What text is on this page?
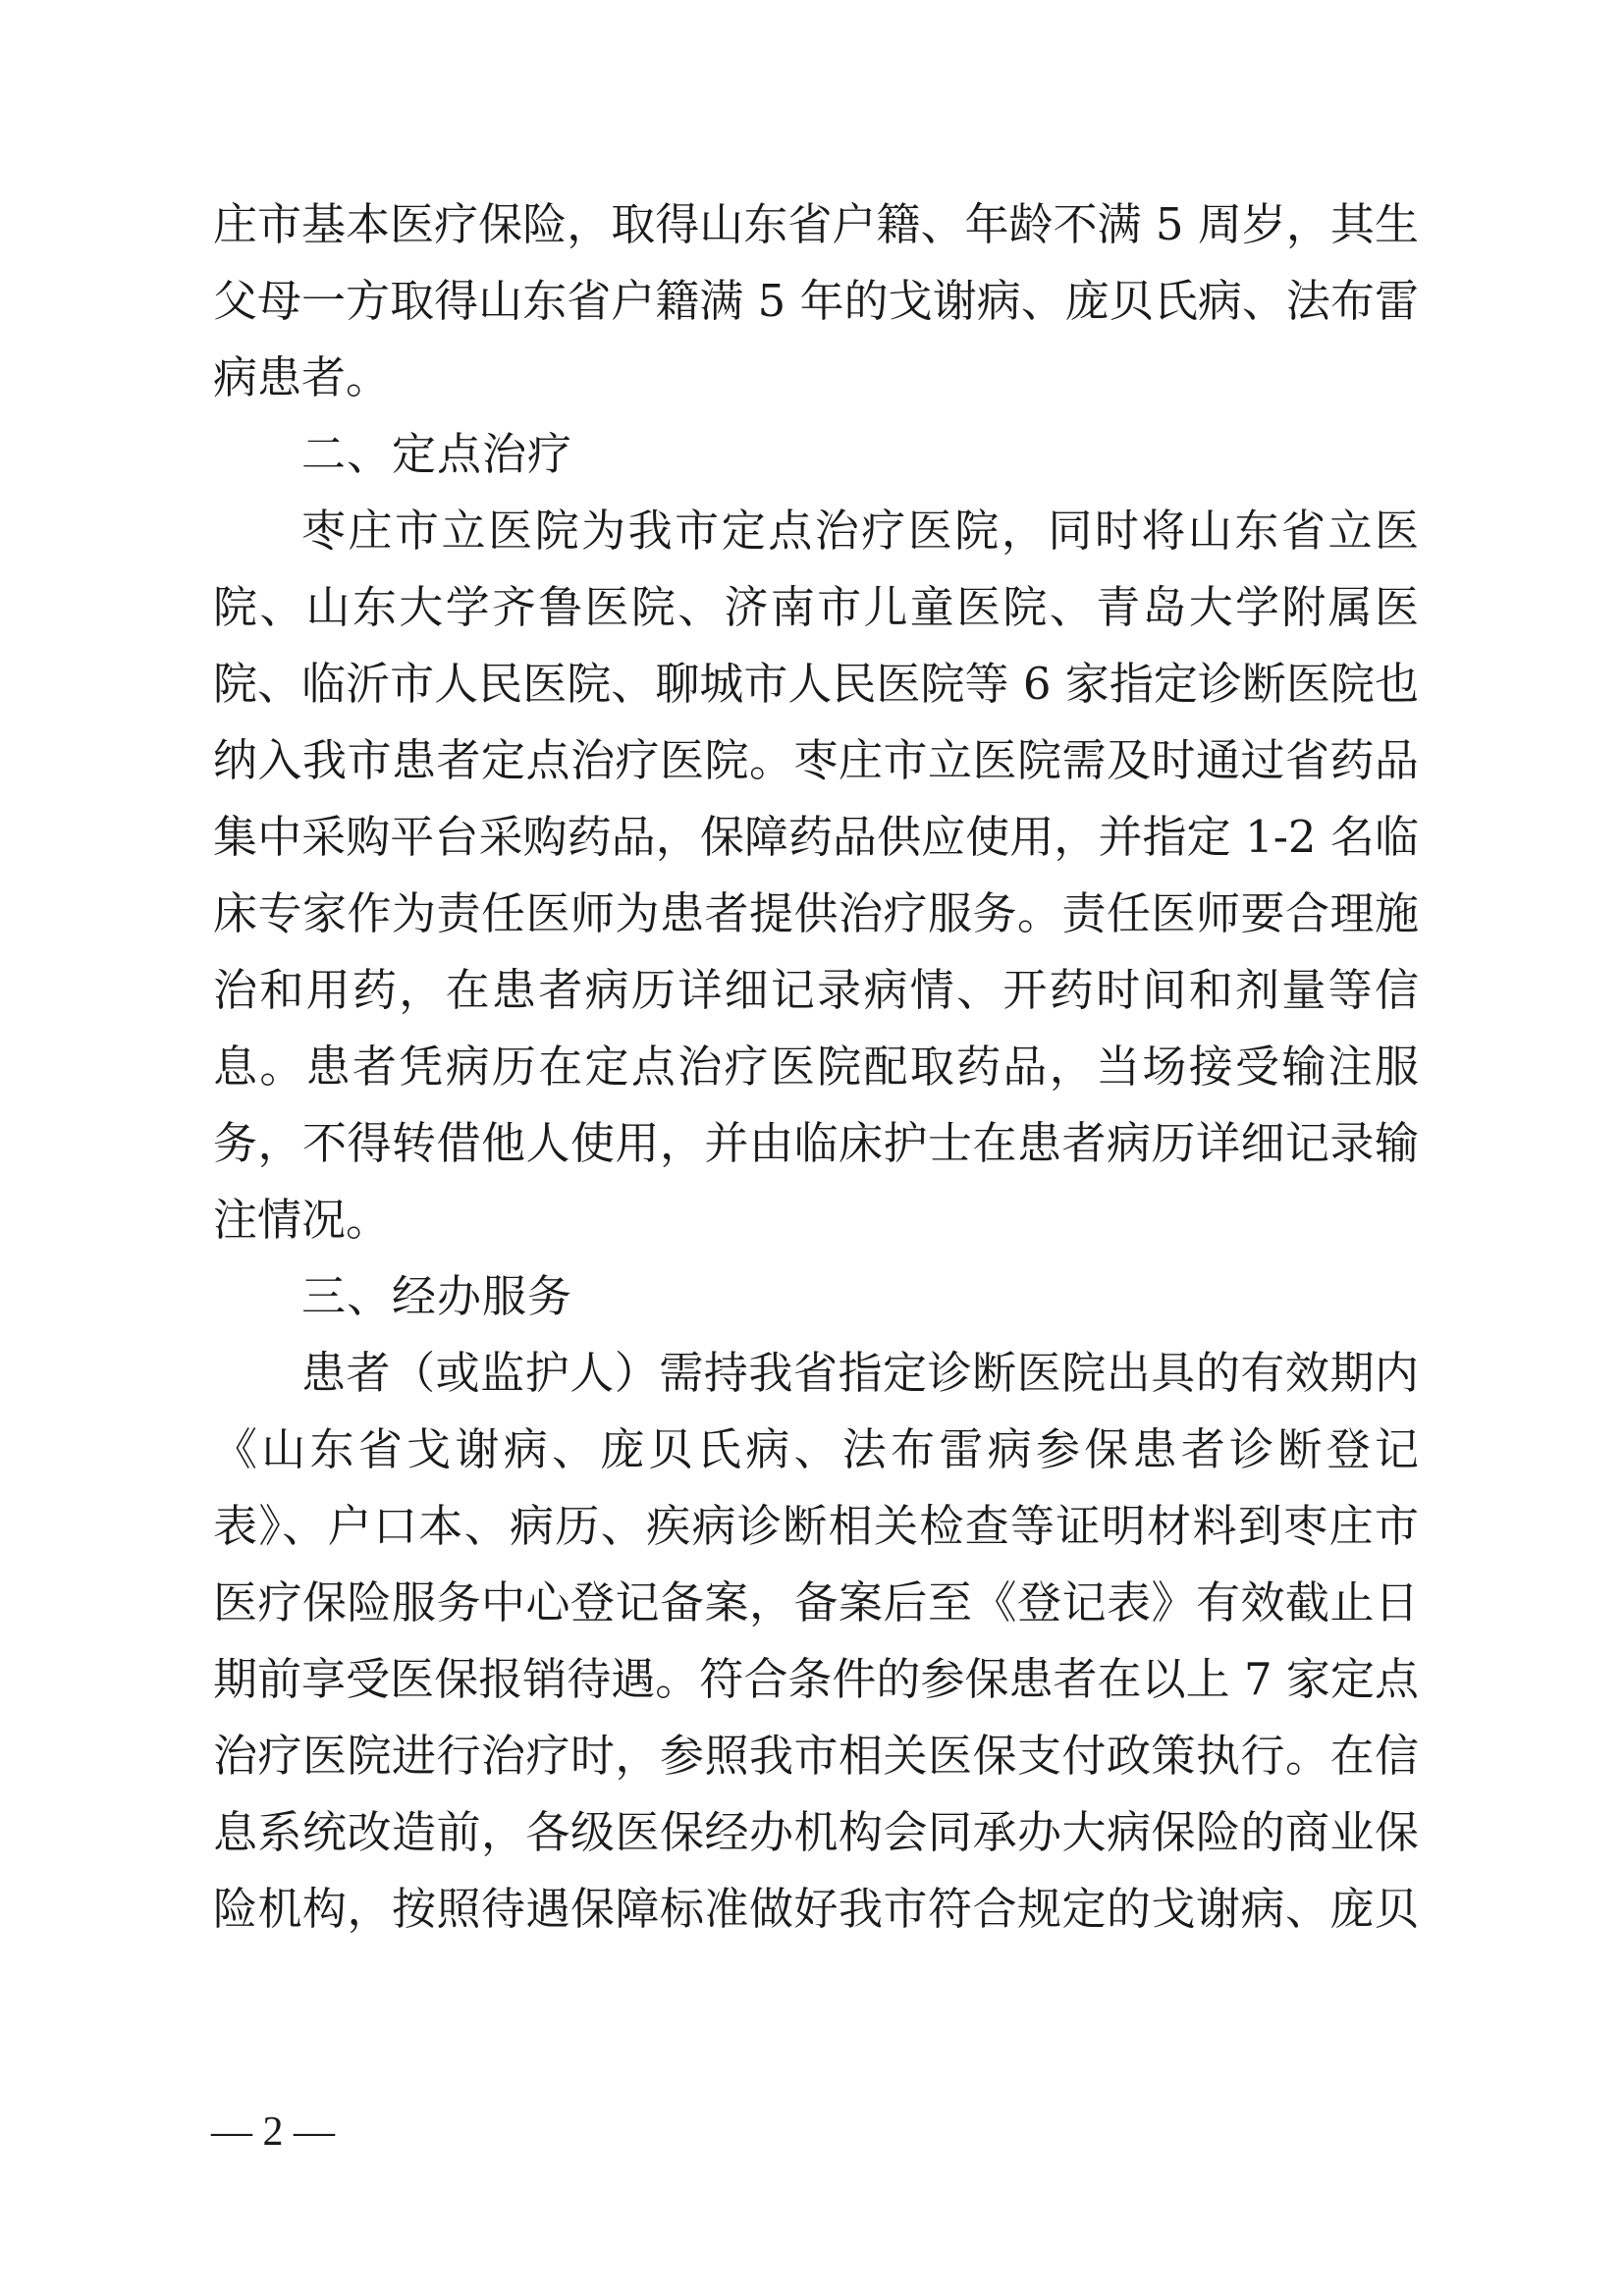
庄市基本医疗保险，取得山东省户籍、年龄不满 5 周岁，其生
父母一方取得山东省户籍满 5 年的戈谢病、庞贝氏病、法布雷
病患者。
二、定点治疗
枣庄市立医院为我市定点治疗医院，同时将山东省立医
院、山东大学齐鲁医院、济南市儿童医院、青岛大学附属医
院、临沂市人民医院、聊城市人民医院等 6 家指定诊断医院也
纳入我市患者定点治疗医院。枣庄市立医院需及时通过省药品
集中采购平台采购药品，保障药品供应使用，并指定 1-2 名临
床专家作为责任医师为患者提供治疗服务。责任医师要合理施
治和用药，在患者病历详细记录病情、开药时间和剂量等信
息。患者凭病历在定点治疗医院配取药品，当场接受输注服
务，不得转借他人使用，并由临床护士在患者病历详细记录输
注情况。
三、经办服务
患者（或监护人）需持我省指定诊断医院出具的有效期内
《山东省戈谢病、庞贝氏病、法布雷病参保患者诊断登记
表》、户口本、病历、疾病诊断相关检查等证明材料到枣庄市
医疗保险服务中心登记备案，备案后至《登记表》有效截止日
期前享受医保报销待遇。符合条件的参保患者在以上 7 家定点
治疗医院进行治疗时，参照我市相关医保支付政策执行。在信
息系统改造前，各级医保经办机构会同承办大病保险的商业保
险机构，按照待遇保障标准做好我市符合规定的戈谢病、庞贝
— 2 —
